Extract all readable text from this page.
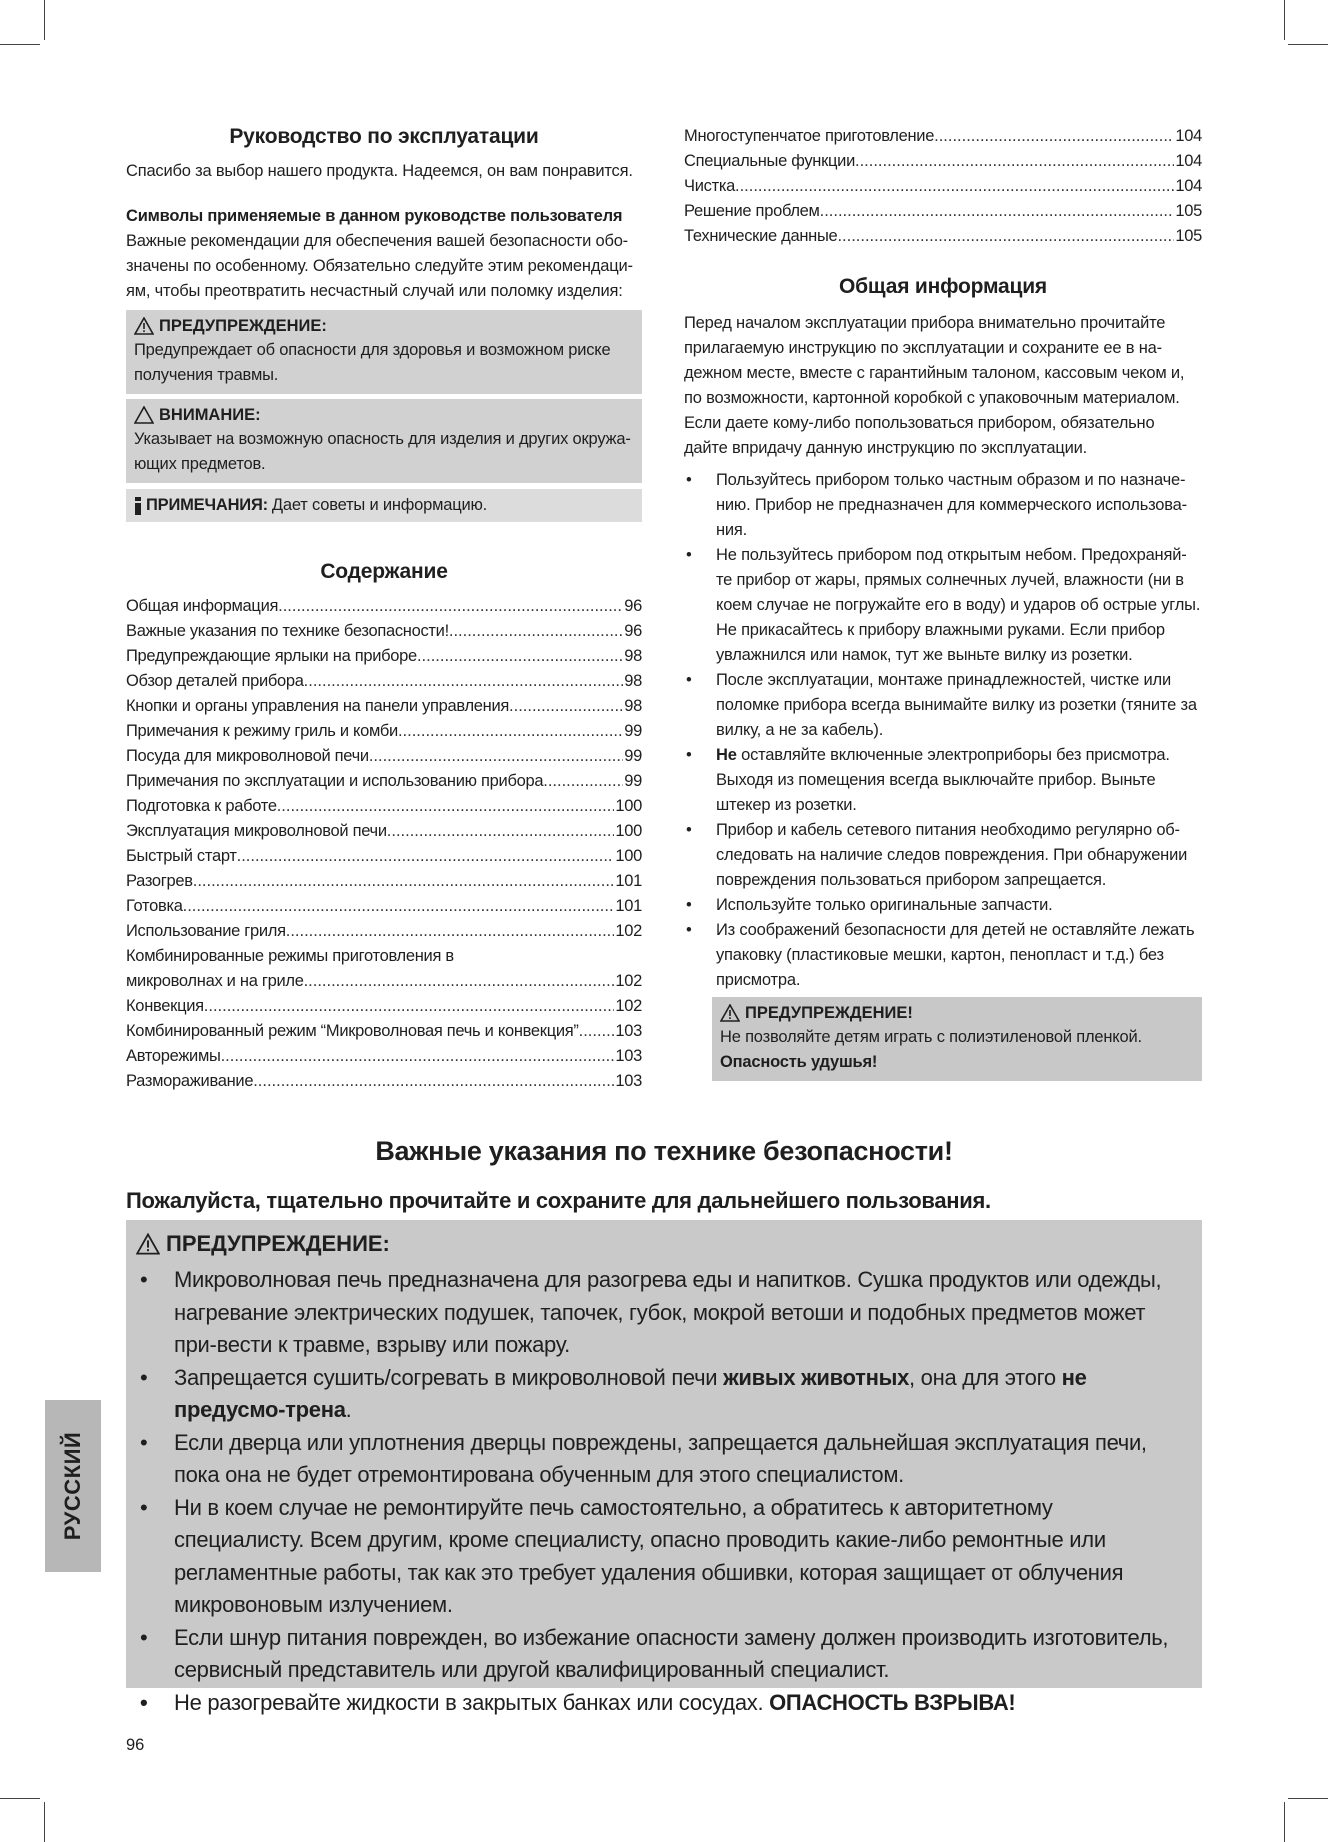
Руководство по эксплуатации

Спасибо за выбор нашего продукта. Надеемся, он вам понравится.

Символы применяемые в данном руководстве пользователя

Важные рекомендации для обеспечения вашей безопасности обо-значены по особенному. Обязательно следуйте этим рекомендаци-ям, чтобы преотвратить несчастный случай или поломку изделия:

ПРЕДУПРЕЖДЕНИЕ:
Предупреждает об опасности для здоровья и возможном риске получения травмы.
ВНИМАНИЕ:
Указывает на возможную опасность для изделия и других окружа-ющих предметов.
ПРИМЕЧАНИЯ: Дает советы и информацию.
Содержание
Общая информация .....	96
Важные указания по технике безопасности! .....	96
Предупреждающие ярлыки на приборе .....	98
Обзор деталей прибора .....	98
Кнопки и органы управления на панели управления .....	98
Примечания к режиму гриль и комби .....	99
Посуда для микроволновой печи .....	99
Примечания по эксплуатации и использованию прибора .....	99
Подготовка к работе .....	100
Эксплуатация микроволновой печи .....	100
Быстрый старт .....	100
Разогрев .....	101
Готовка .....	101
Использование гриля .....	102
Комбинированные режимы приготовления в
микроволнах и на гриле .....	102
Конвекция .....	102
Комбинированный режим “Микроволновая печь и конвекция” ..... 103
Авторежимы .....	103
Размораживание .....	103
Многоступенчатое приготовление .....	104
Специальные функции .....	104
Чистка .....	104
Решение проблем .....	105
Технические данные .....	105
Общая информация

Перед началом эксплуатации прибора внимательно прочитайте прилагаемую инструкцию по эксплуатации и сохраните ее в на-дежном месте, вместе с гарантийным талоном, кассовым чеком и, по возможности, картонной коробкой с упаковочным материалом. Если даете кому-либо попользоваться прибором, обязательно дайте впридачу данную инструкцию по эксплуатации.

• Пользуйтесь прибором только частным образом и по назначе-нию. Прибор не предназначен для коммерческого использова-ния.
• Не пользуйтесь прибором под открытым небом. Предохраняй-те прибор от жары, прямых солнечных лучей, влажности (ни в коем случае не погружайте его в воду) и ударов об острые углы. Не прикасайтесь к прибору влажными руками. Если прибор увлажнился или намок, тут же выньте вилку из розетки.
• После эксплуатации, монтаже принадлежностей, чистке или поломке прибора всегда вынимайте вилку из розетки (тяните за вилку, а не за кабель).
• Не оставляйте включенные электроприборы без присмотра. Выходя из помещения всегда выключайте прибор. Выньте штекер из розетки.
• Прибор и кабель сетевого питания необходимо регулярно об-следовать на наличие следов повреждения. При обнаружении повреждения пользоваться прибором запрещается.
• Используйте только оригинальные запчасти.
• Из соображений безопасности для детей не оставляйте лежать упаковку (пластиковые мешки, картон, пенопласт и т.д.) без присмотра.
ПРЕДУПРЕЖДЕНИЕ!
Не позволяйте детям играть с полиэтиленовой пленкой.
Опасность удушья!
Важные указания по технике безопасности!
Пожалуйста, тщательно прочитайте и сохраните для дальнейшего пользования.
ПРЕДУПРЕЖДЕНИЕ:
• Микроволновая печь предназначена для разогрева еды и напитков. Сушка продуктов или одежды, нагревание электрических подушек, тапочек, губок, мокрой ветоши и подобных предметов может при-вести к травме, взрыву или пожару.
• Запрещается сушить/согревать в микроволновой печи живых животных, она для этого не предусмо-трена.
• Если дверца или уплотнения дверцы повреждены, запрещается дальнейшая эксплуатация печи, пока она не будет отремонтирована обученным для этого специалистом.
• Ни в коем случае не ремонтируйте печь самостоятельно, а обратитесь к авторитетному специалисту. Всем другим, кроме специалисту, опасно проводить какие-либо ремонтные или регламентные работы, так как это требует удаления обшивки, которая защищает от облучения микровоновым излучением.
• Если шнур питания поврежден, во избежание опасности замену должен производить изготовитель, сервисный представитель или другой квалифицированный специалист.
• Не разогревайте жидкости в закрытых банках или сосудах. ОПАСНОСТЬ ВЗРЫВА!
РУССКИЙ
96
